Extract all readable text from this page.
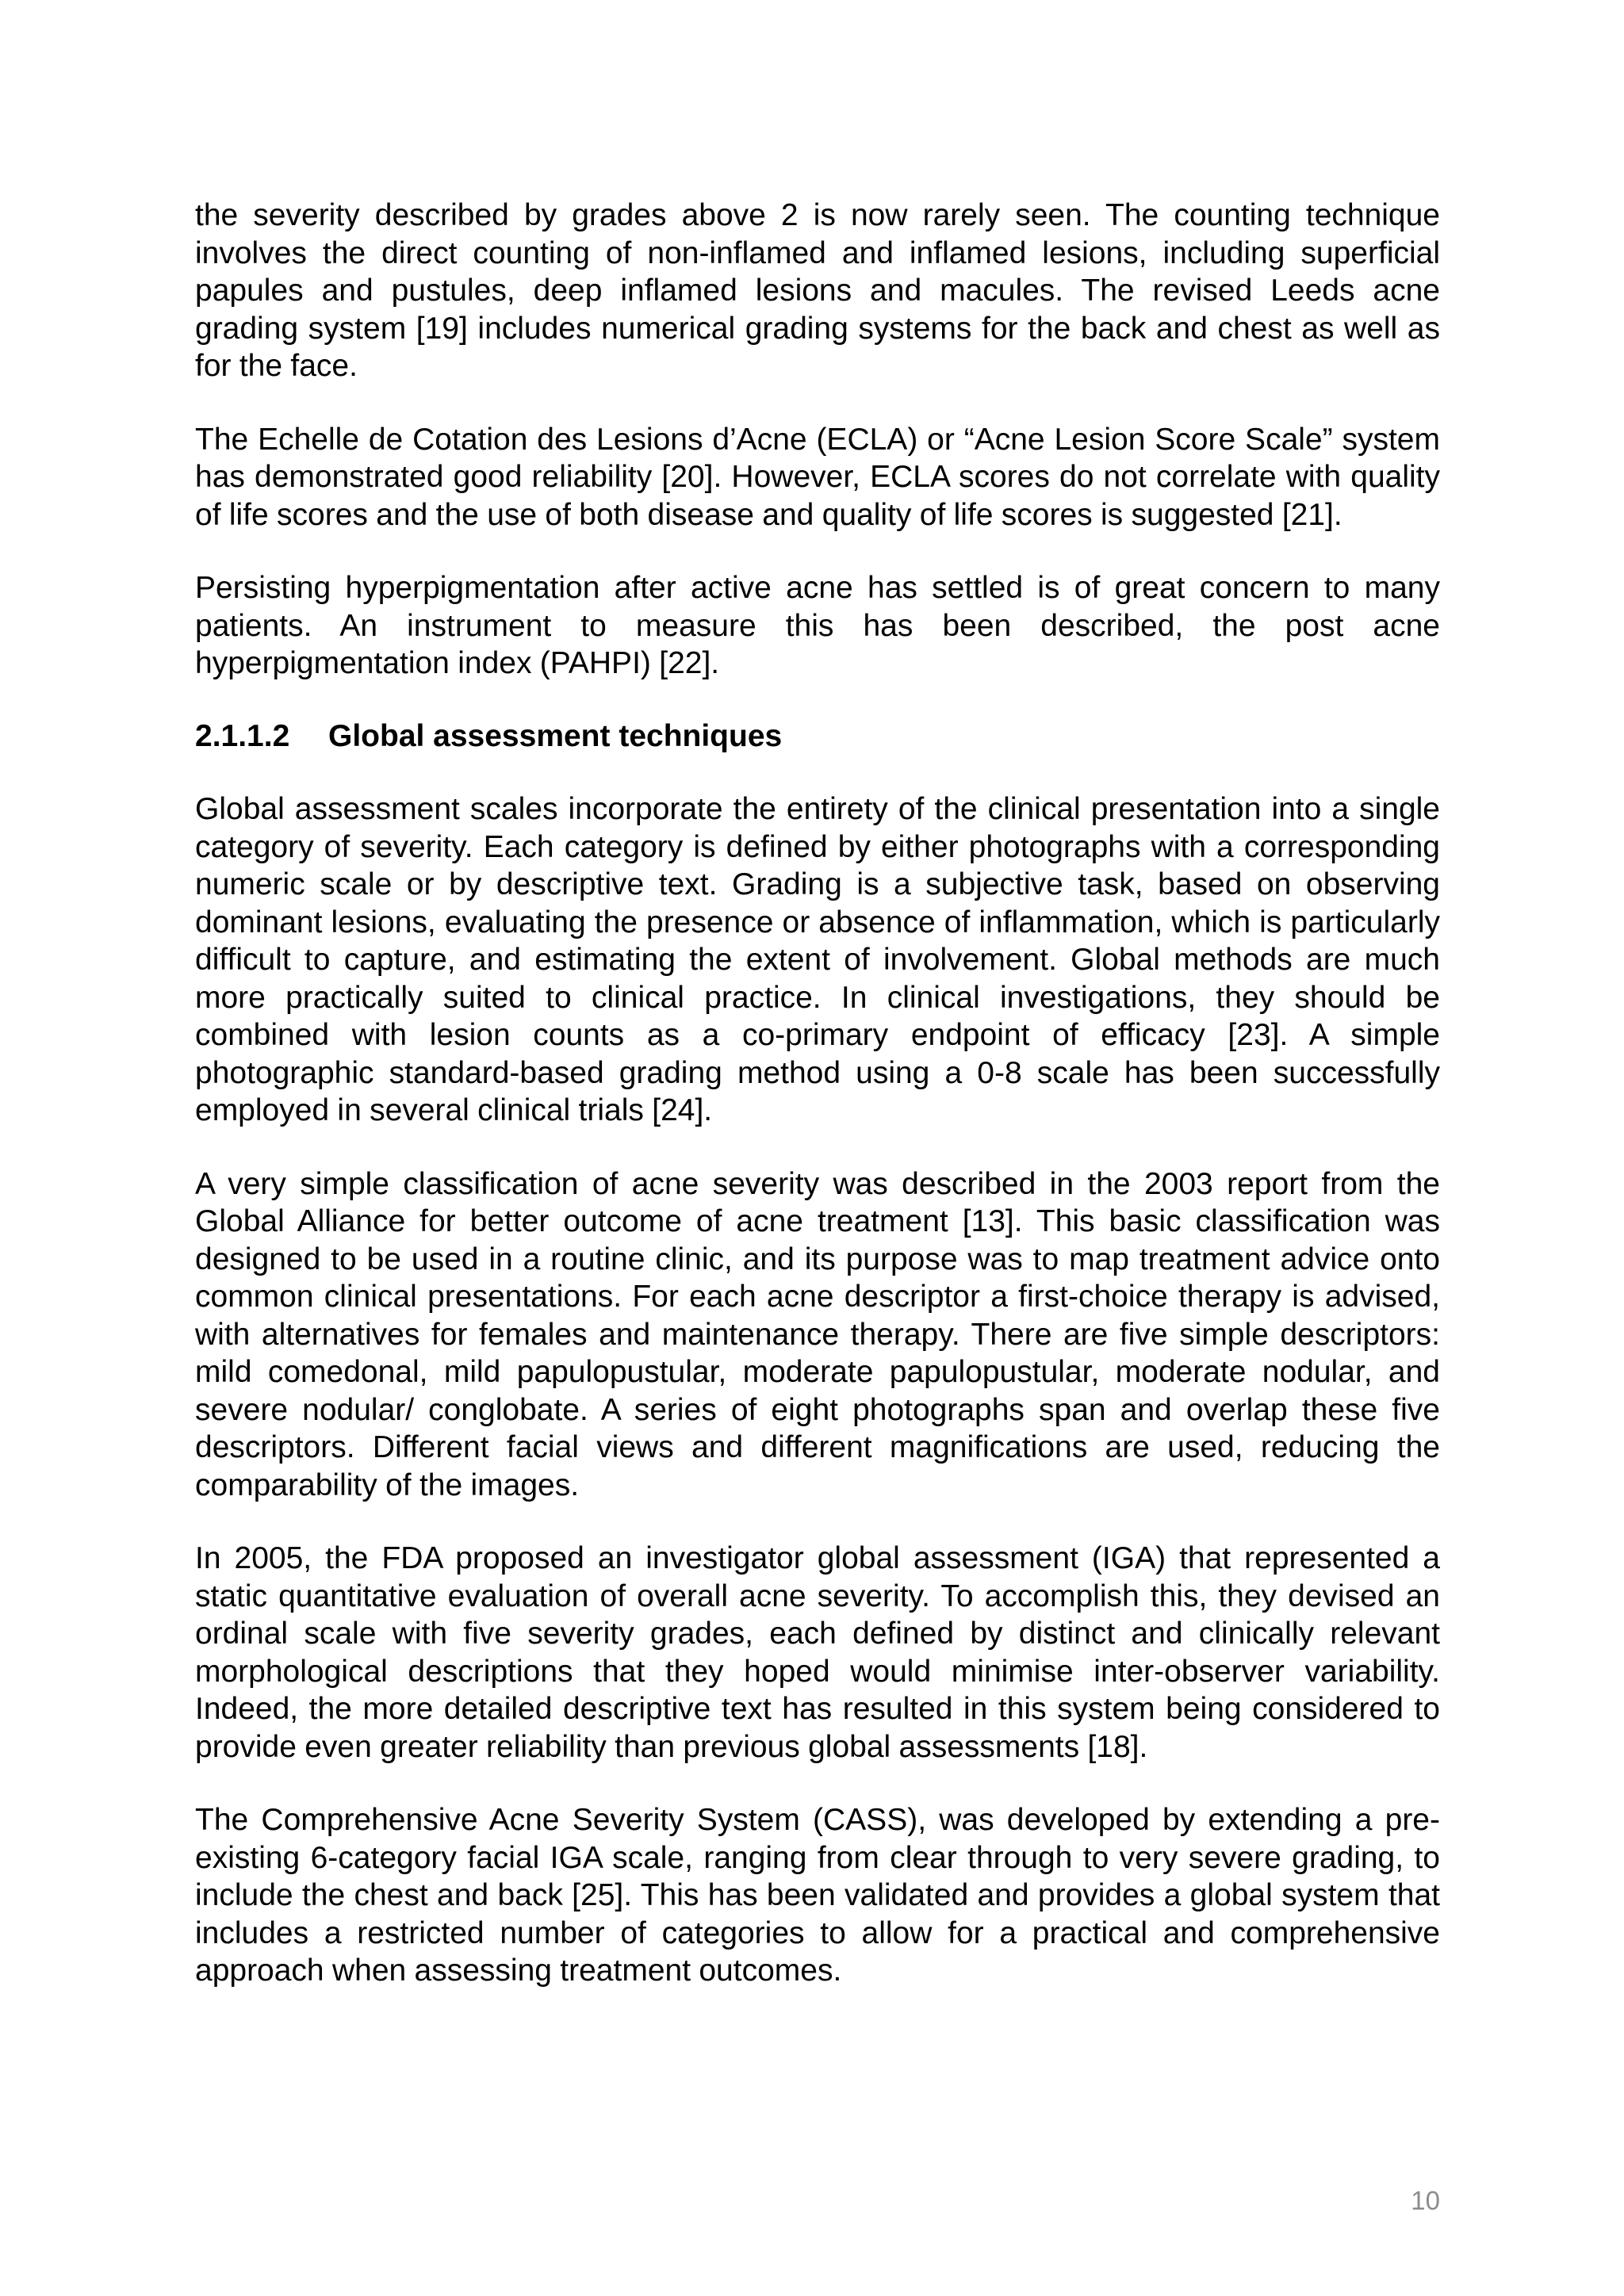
the severity described by grades above 2 is now rarely seen. The counting technique involves the direct counting of non-inflamed and inflamed lesions, including superficial papules and pustules, deep inflamed lesions and macules. The revised Leeds acne grading system [19] includes numerical grading systems for the back and chest as well as for the face.

The Echelle de Cotation des Lesions d’Acne (ECLA) or “Acne Lesion Score Scale” system has demonstrated good reliability [20]. However, ECLA scores do not correlate with quality of life scores and the use of both disease and quality of life scores is suggested [21].

Persisting hyperpigmentation after active acne has settled is of great concern to many patients. An instrument to measure this has been described, the post acne hyperpigmentation index (PAHPI) [22].

2.1.1.2 Global assessment techniques

Global assessment scales incorporate the entirety of the clinical presentation into a single category of severity. Each category is defined by either photographs with a corresponding numeric scale or by descriptive text. Grading is a subjective task, based on observing dominant lesions, evaluating the presence or absence of inflammation, which is particularly difficult to capture, and estimating the extent of involvement. Global methods are much more practically suited to clinical practice. In clinical investigations, they should be combined with lesion counts as a co-primary endpoint of efficacy [23]. A simple photographic standard-based grading method using a 0-8 scale has been successfully employed in several clinical trials [24].

A very simple classification of acne severity was described in the 2003 report from the Global Alliance for better outcome of acne treatment [13]. This basic classification was designed to be used in a routine clinic, and its purpose was to map treatment advice onto common clinical presentations. For each acne descriptor a first-choice therapy is advised, with alternatives for females and maintenance therapy. There are five simple descriptors: mild comedonal, mild papulopustular, moderate papulopustular, moderate nodular, and severe nodular/ conglobate. A series of eight photographs span and overlap these five descriptors. Different facial views and different magnifications are used, reducing the comparability of the images.

In 2005, the FDA proposed an investigator global assessment (IGA) that represented a static quantitative evaluation of overall acne severity. To accomplish this, they devised an ordinal scale with five severity grades, each defined by distinct and clinically relevant morphological descriptions that they hoped would minimise inter-observer variability. Indeed, the more detailed descriptive text has resulted in this system being considered to provide even greater reliability than previous global assessments [18].

The Comprehensive Acne Severity System (CASS), was developed by extending a pre-existing 6-category facial IGA scale, ranging from clear through to very severe grading, to include the chest and back [25]. This has been validated and provides a global system that includes a restricted number of categories to allow for a practical and comprehensive approach when assessing treatment outcomes.

10
